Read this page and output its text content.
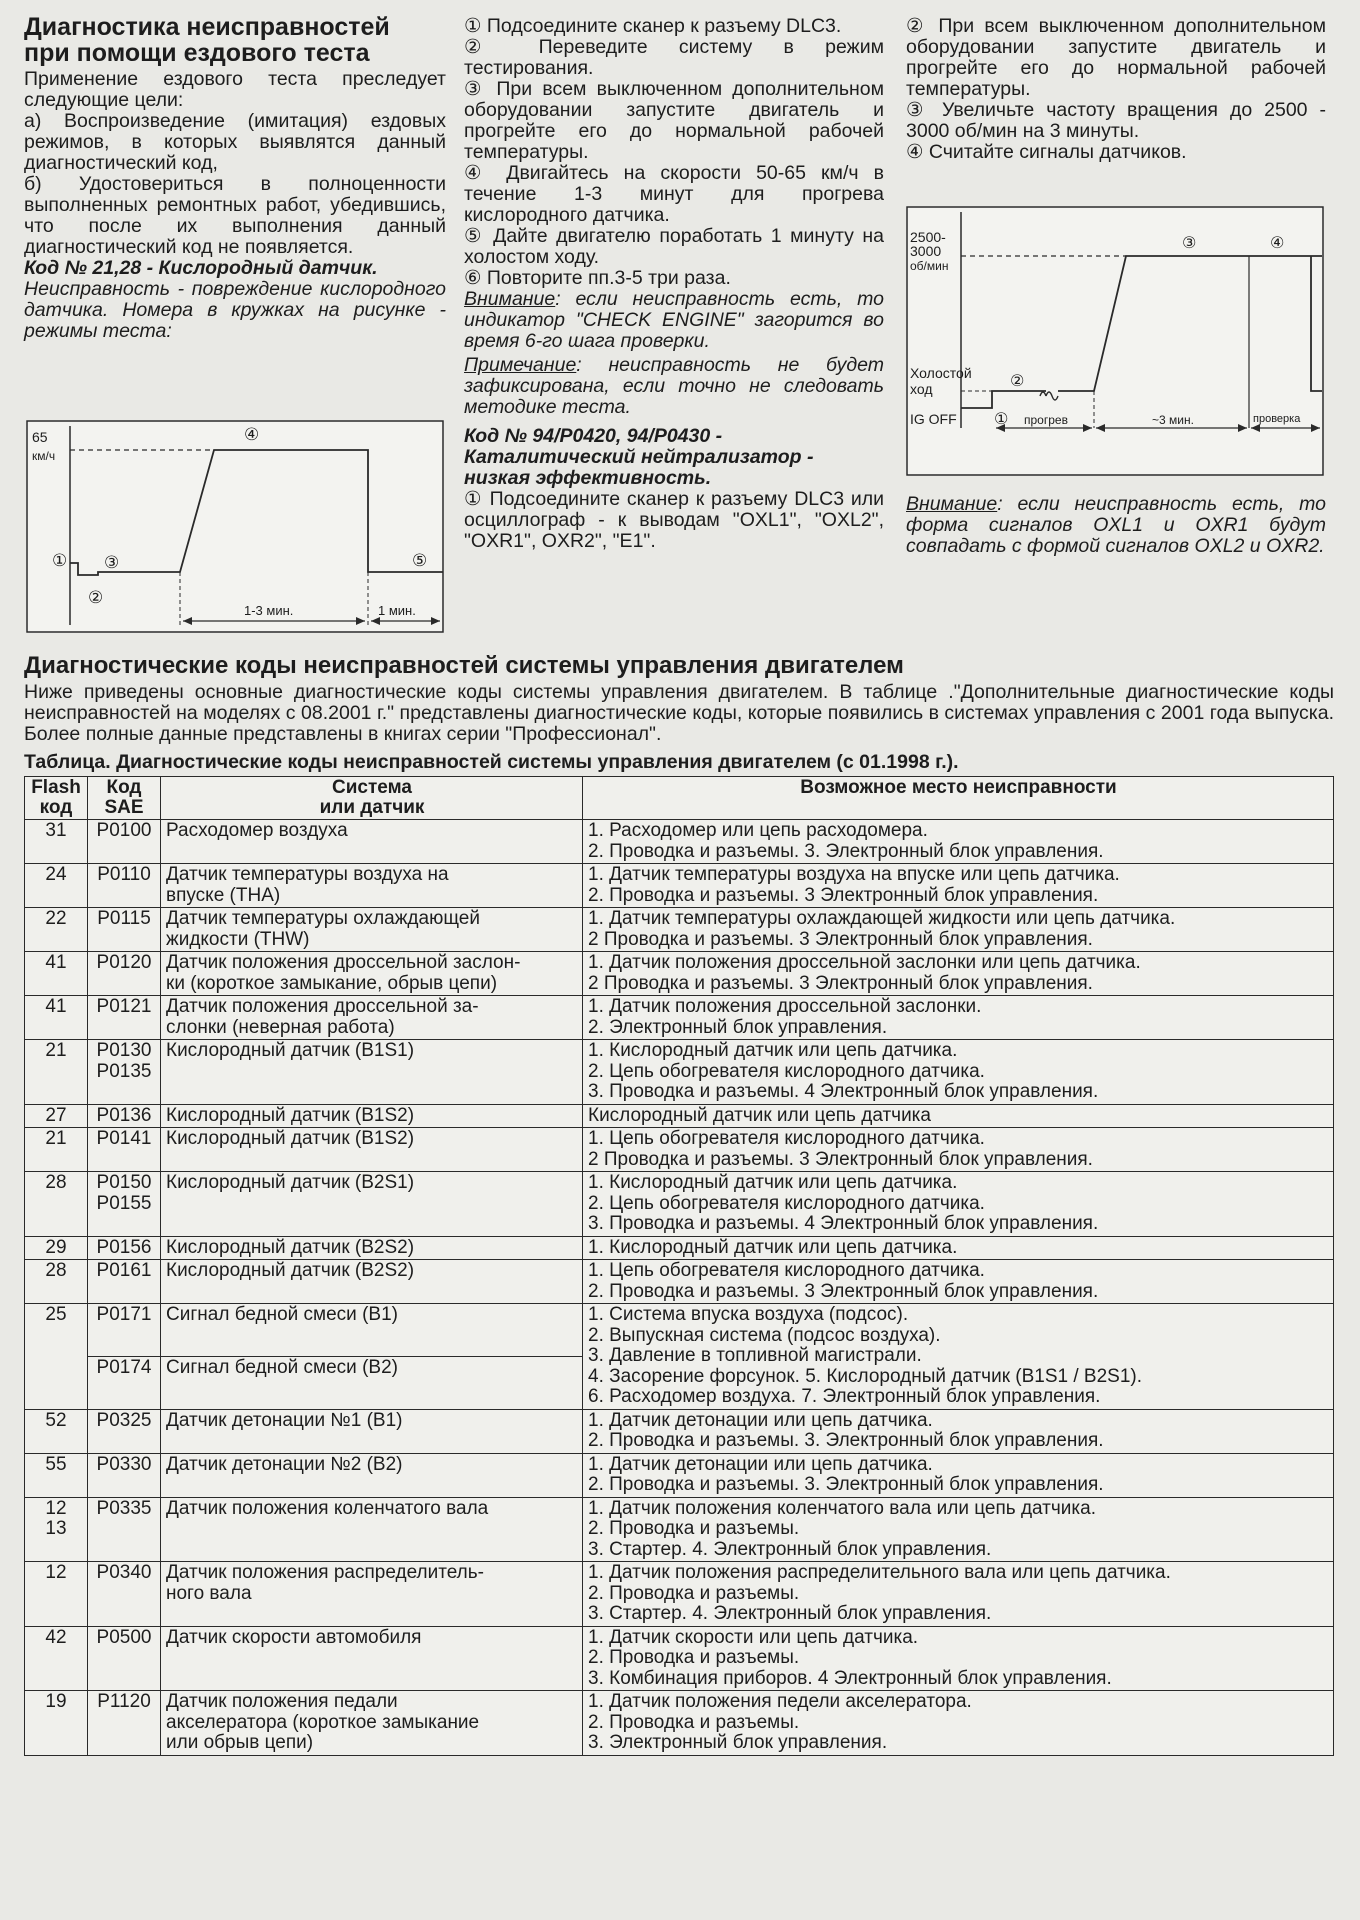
Диагностика неисправностей
при помощи ездового теста

Применение ездового теста преследует следующие цели:

а) Воспроизведение (имитация) ездовых режимов, в которых выявлятся данный диагностический код,

б) Удостовериться в полноценности выполненных ремонтных работ, убедившись, что после их выполнения данный диагностический код не появляется.

Код № 21,28 - Кислородный датчик.

Неисправность - повреждение кислородного датчика. Номера в кружках на рисунке - режимы теста:

65
км/ч
④
① ③
②
⑤
1-3 мин.	1 мин.

① Подсоедините сканер к разъему DLC3.

② Переведите систему в режим тестирования.

③ При всем выключенном дополнительном оборудовании запустите двигатель и прогрейте его до нормальной рабочей температуры.

④ Двигайтесь на скорости 50-65 км/ч в течение 1-3 минут для прогрева кислородного датчика.

⑤ Дайте двигателю поработать 1 минуту на холостом ходу.

⑥ Повторите пп.3-5 три раза.

Внимание: если неисправность есть, то индикатор "CHECK ENGINE" загорится во время 6-го шага проверки.

Примечание: неисправность не будет зафиксирована, если точно не следовать методике теста.

Код № 94/P0420, 94/P0430 - Каталитический нейтрализатор - низкая эффективность.

① Подсоедините сканер к разъему DLC3 или осциллограф - к выводам "OXL1", "OXL2", "OXR1", OXR2", "E1".

② При всем выключенном дополнительном оборудовании запустите двигатель и прогрейте его до нормальной рабочей температуры.

③ Увеличьте частоту вращения до 2500 - 3000 об/мин на 3 минуты.

④ Считайте сигналы датчиков.

2500-
3000
об/мин
Холостой
ход
IG OFF ①
②
③	④
прогрев	~3 мин.	проверка

Внимание: если неисправность есть, то форма сигналов OXL1 и OXR1 будут совпадать с формой сигналов OXL2 и OXR2.

Диагностические коды неисправностей системы управления двигателем

Ниже приведены основные диагностические коды системы управления двигателем. В таблице ."Дополнительные диагностические коды неисправностей на моделях с 08.2001 г." представлены диагностические коды, которые появились в системах управления с 2001 года выпуска. Более полные данные представлены в книгах серии "Профессионал".

Таблица. Диагностические коды неисправностей системы управления двигателем (с 01.1998 г.).

Flash
код	Код
SAE	Система
или датчик	Возможное место неисправности

31	P0100	Расходомер воздуха	1. Расходомер или цепь расходомера.
2. Проводка и разъемы. 3. Электронный блок управления.

24	P0110	Датчик температуры воздуха на
впуске (THA)	1. Датчик температуры воздуха на впуске или цепь датчика.
2. Проводка и разъемы. 3 Электронный блок управления.

22	P0115	Датчик температуры охлаждающей
жидкости (THW)	1. Датчик температуры охлаждающей жидкости или цепь датчика.
2 Проводка и разъемы. 3 Электронный блок управления.

41	P0120	Датчик положения дроссельной заслон-
ки (короткое замыкание, обрыв цепи)	1. Датчик положения дроссельной заслонки или цепь датчика.
2 Проводка и разъемы. 3 Электронный блок управления.

41	P0121	Датчик положения дроссельной за-
слонки (неверная работа)	1. Датчик положения дроссельной заслонки.
2. Электронный блок управления.

21	P0130
P0135	Кислородный датчик (B1S1)	1. Кислородный датчик или цепь датчика.
2. Цепь обогревателя кислородного датчика.
3. Проводка и разъемы. 4 Электронный блок управления.

27	P0136	Кислородный датчик (B1S2)	Кислородный датчик или цепь датчика

21	P0141	Кислородный датчик (B1S2)	1. Цепь обогревателя кислородного датчика.
2 Проводка и разъемы. 3 Электронный блок управления.

28	P0150
P0155	Кислородный датчик (B2S1)	1. Кислородный датчик или цепь датчика.
2. Цепь обогревателя кислородного датчика.
3. Проводка и разъемы. 4 Электронный блок управления.

29	P0156	Кислородный датчик (B2S2)	1. Кислородный датчик или цепь датчика.

28	P0161	Кислородный датчик (B2S2)	1. Цепь обогревателя кислородного датчика.
2. Проводка и разъемы. 3 Электронный блок управления.

25	P0171	Сигнал бедной смеси (B1)	1. Система впуска воздуха (подсос).
2. Выпускная система (подсос воздуха).
3. Давление в топливной магистрали.
4. Засорение форсунок. 5. Кислородный датчик (B1S1 / B2S1).
6. Расходомер воздуха. 7. Электронный блок управления.

	P0174	Сигнал бедной смеси (B2)	

52	P0325	Датчик детонации №1 (B1)	1. Датчик детонации или цепь датчика.
2. Проводка и разъемы. 3. Электронный блок управления.

55	P0330	Датчик детонации №2 (B2)	1. Датчик детонации или цепь датчика.
2. Проводка и разъемы. 3. Электронный блок управления.

12
13	P0335	Датчик положения коленчатого вала	1. Датчик положения коленчатого вала или цепь датчика.
2. Проводка и разъемы.
3. Стартер. 4. Электронный блок управления.

12	P0340	Датчик положения распределитель-
ного вала	1. Датчик положения распределительного вала или цепь датчика.
2. Проводка и разъемы.
3. Стартер. 4. Электронный блок управления.

42	P0500	Датчик скорости автомобиля	1. Датчик скорости или цепь датчика.
2. Проводка и разъемы.
3. Комбинация приборов. 4 Электронный блок управления.

19	P1120	Датчик положения педали
акселератора (короткое замыкание
или обрыв цепи)	1. Датчик положения педели акселератора.
2. Проводка и разъемы.
3. Электронный блок управления.
